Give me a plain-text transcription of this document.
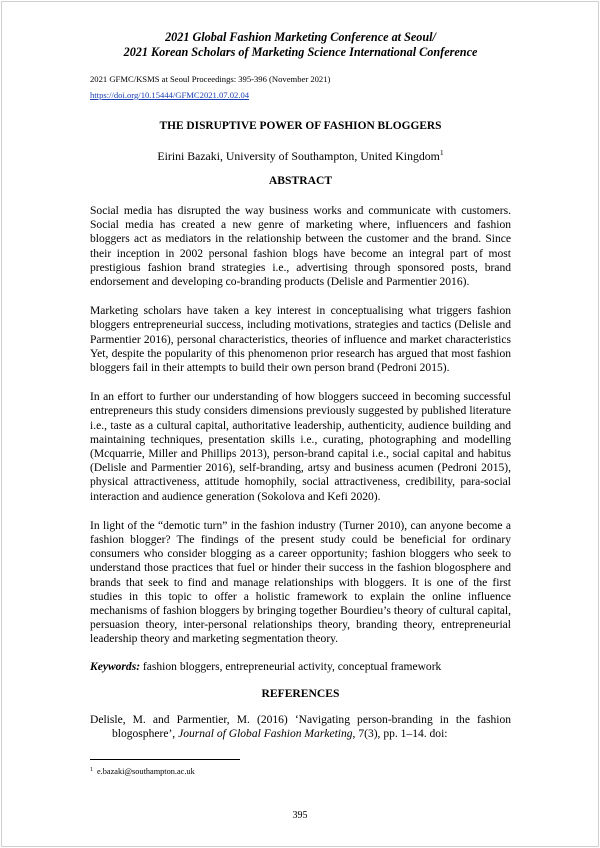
2021 Global Fashion Marketing Conference at Seoul/
2021 Korean Scholars of Marketing Science International Conference
2021 GFMC/KSMS at Seoul Proceedings: 395-396 (November 2021)
https://doi.org/10.15444/GFMC2021.07.02.04
THE DISRUPTIVE POWER OF FASHION BLOGGERS
Eirini Bazaki, University of Southampton, United Kingdom$^1$
ABSTRACT

Social media has disrupted the way business works and communicate with customers. Social media has created a new genre of marketing where, influencers and fashion bloggers act as mediators in the relationship between the customer and the brand. Since their inception in 2002 personal fashion blogs have become an integral part of most prestigious fashion brand strategies i.e., advertising through sponsored posts, brand endorsement and developing co-branding products (Delisle and Parmentier 2016).

Marketing scholars have taken a key interest in conceptualising what triggers fashion bloggers entrepreneurial success, including motivations, strategies and tactics (Delisle and Parmentier 2016), personal characteristics, theories of influence and market characteristics Yet, despite the popularity of this phenomenon prior research has argued that most fashion bloggers fail in their attempts to build their own person brand (Pedroni 2015).

In an effort to further our understanding of how bloggers succeed in becoming successful entrepreneurs this study considers dimensions previously suggested by published literature i.e., taste as a cultural capital, authoritative leadership, authenticity, audience building and maintaining techniques, presentation skills i.e., curating, photographing and modelling (Mcquarrie, Miller and Phillips 2013), person-brand capital i.e., social capital and habitus (Delisle and Parmentier 2016), self-branding, artsy and business acumen (Pedroni 2015), physical attractiveness, attitude homophily, social attractiveness, credibility, para-social interaction and audience generation (Sokolova and Kefi 2020).

In light of the “demotic turn” in the fashion industry (Turner 2010), can anyone become a fashion blogger? The findings of the present study could be beneficial for ordinary consumers who consider blogging as a career opportunity; fashion bloggers who seek to understand those practices that fuel or hinder their success in the fashion blogosphere and brands that seek to find and manage relationships with bloggers. It is one of the first studies in this topic to offer a holistic framework to explain the online influence mechanisms of fashion bloggers by bringing together Bourdieu’s theory of cultural capital, persuasion theory, inter-personal relationships theory, branding theory, entrepreneurial leadership theory and marketing segmentation theory.

Keywords: fashion bloggers, entrepreneurial activity, conceptual framework
REFERENCES
Delisle, M. and Parmentier, M. (2016) ‘Navigating person-branding in the fashion blogosphere’, Journal of Global Fashion Marketing, 7(3), pp. 1–14. doi:
$^1$ e.bazaki@southampton.ac.uk
395
